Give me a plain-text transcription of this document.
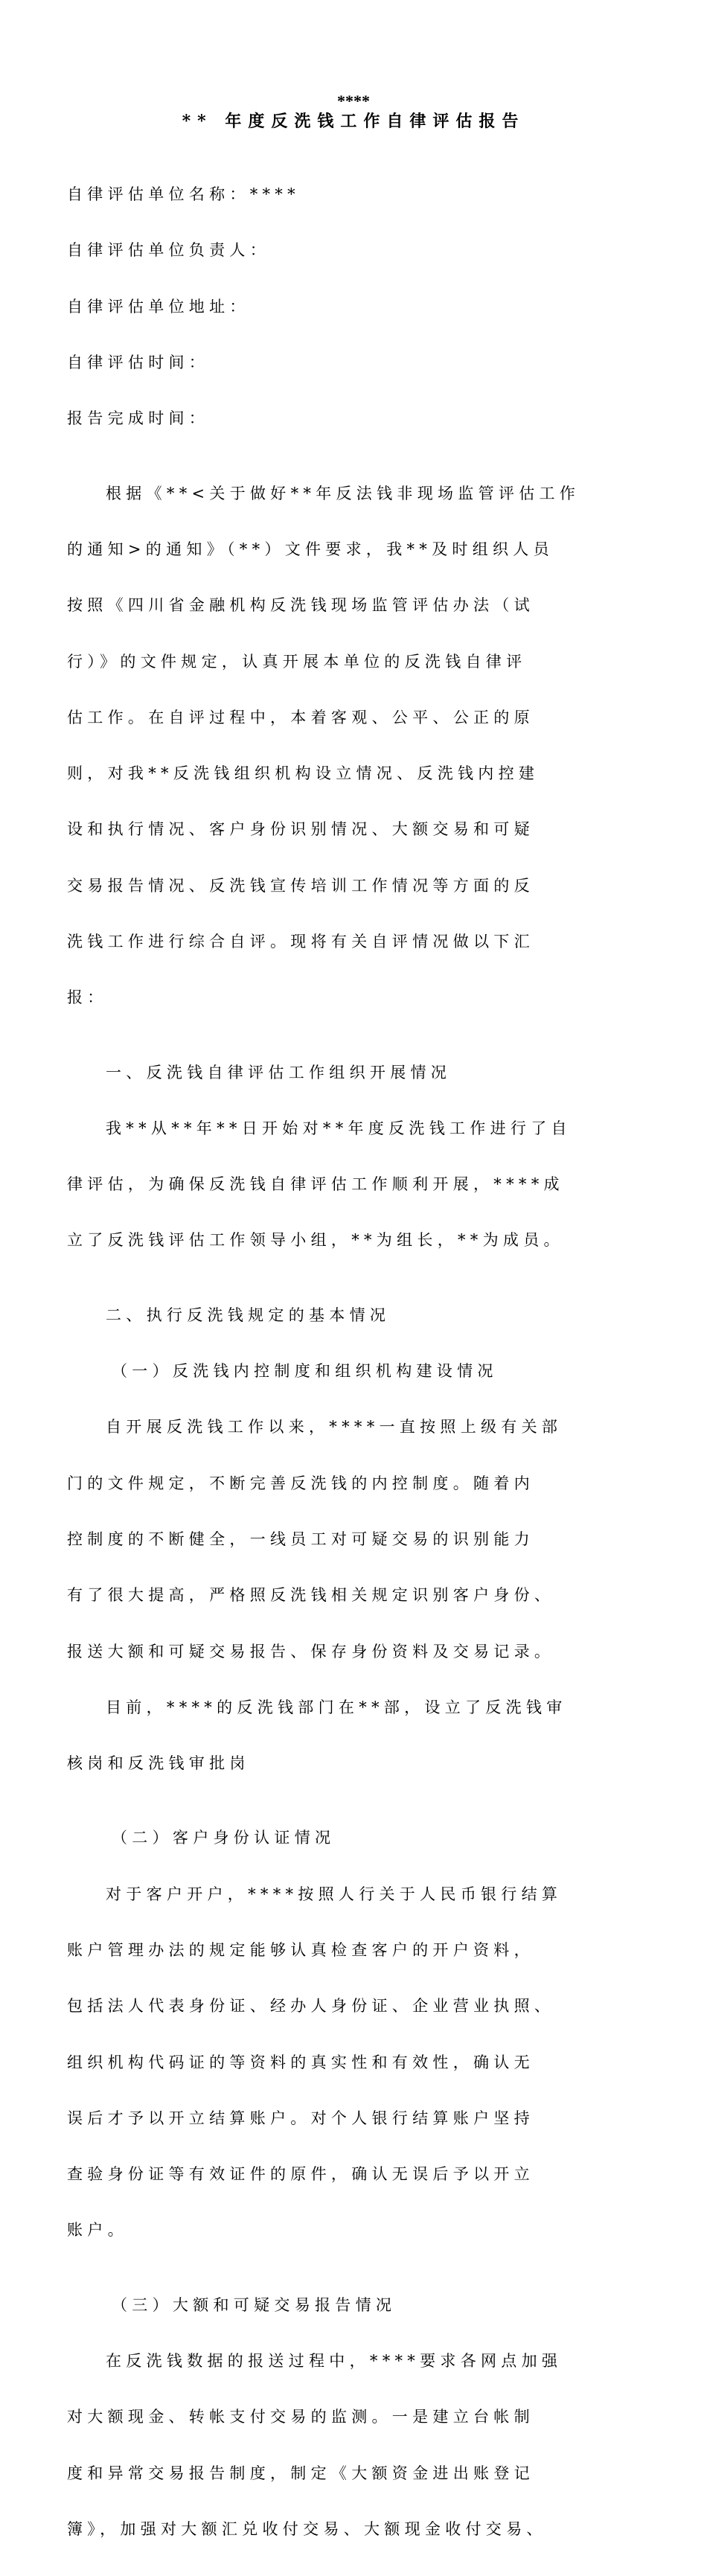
****
** 年度反洗钱工作自律评估报告

自律评估单位名称：****

自律评估单位负责人：

自律评估单位地址：

自律评估时间：

报告完成时间：

根据《**<关于做好**年反法钱非现场监管评估工作

的通知>的通知》（**）文件要求，我**及时组织人员

按照《四川省金融机构反洗钱现场监管评估办法（试

行）》的文件规定，认真开展本单位的反洗钱自律评

估工作。在自评过程中，本着客观、公平、公正的原

则，对我**反洗钱组织机构设立情况、反洗钱内控建

设和执行情况、客户身份识别情况、大额交易和可疑

交易报告情况、反洗钱宣传培训工作情况等方面的反

洗钱工作进行综合自评。现将有关自评情况做以下汇

报：

一、反洗钱自律评估工作组织开展情况

我**从**年**日开始对**年度反洗钱工作进行了自

律评估，为确保反洗钱自律评估工作顺利开展，****成

立了反洗钱评估工作领导小组，**为组长，**为成员。

二、执行反洗钱规定的基本情况

（一）反洗钱内控制度和组织机构建设情况

自开展反洗钱工作以来，****一直按照上级有关部

门的文件规定，不断完善反洗钱的内控制度。随着内

控制度的不断健全，一线员工对可疑交易的识别能力

有了很大提高，严格照反洗钱相关规定识别客户身份、

报送大额和可疑交易报告、保存身份资料及交易记录。

目前，****的反洗钱部门在**部，设立了反洗钱审

核岗和反洗钱审批岗

（二）客户身份认证情况

对于客户开户，****按照人行关于人民币银行结算

账户管理办法的规定能够认真检查客户的开户资料，

包括法人代表身份证、经办人身份证、企业营业执照、

组织机构代码证的等资料的真实性和有效性，确认无

误后才予以开立结算账户。对个人银行结算账户坚持

查验身份证等有效证件的原件，确认无误后予以开立

账户。

（三）大额和可疑交易报告情况

在反洗钱数据的报送过程中，****要求各网点加强

对大额现金、转帐支付交易的监测。一是建立台帐制

度和异常交易报告制度，制定《大额资金进出账登记

簿》，加强对大额汇兑收付交易、大额现金收付交易、
